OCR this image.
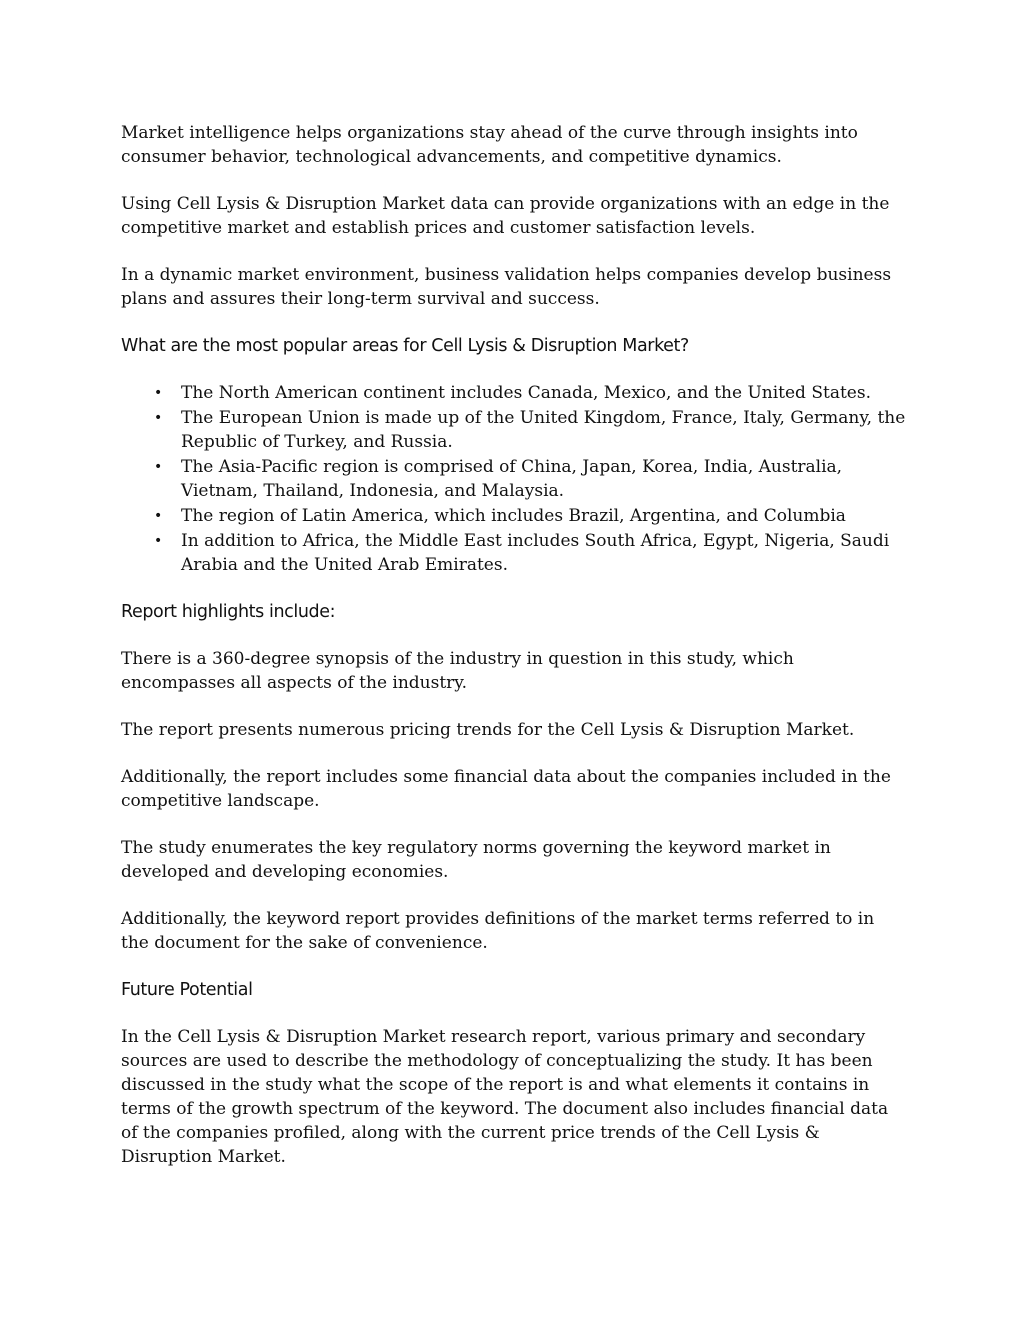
Market intelligence helps organizations stay ahead of the curve through insights into consumer behavior, technological advancements, and competitive dynamics.

Using Cell Lysis & Disruption Market data can provide organizations with an edge in the competitive market and establish prices and customer satisfaction levels.

In a dynamic market environment, business validation helps companies develop business plans and assures their long-term survival and success.

What are the most popular areas for Cell Lysis & Disruption Market?
• The North American continent includes Canada, Mexico, and the United States.
• The European Union is made up of the United Kingdom, France, Italy, Germany, the Republic of Turkey, and Russia.
• The Asia-Pacific region is comprised of China, Japan, Korea, India, Australia, Vietnam, Thailand, Indonesia, and Malaysia.
• The region of Latin America, which includes Brazil, Argentina, and Columbia
• In addition to Africa, the Middle East includes South Africa, Egypt, Nigeria, Saudi Arabia and the United Arab Emirates.
Report highlights include:

There is a 360-degree synopsis of the industry in question in this study, which encompasses all aspects of the industry.

The report presents numerous pricing trends for the Cell Lysis & Disruption Market.

Additionally, the report includes some financial data about the companies included in the competitive landscape.

The study enumerates the key regulatory norms governing the keyword market in developed and developing economies.

Additionally, the keyword report provides definitions of the market terms referred to in the document for the sake of convenience.

Future Potential

In the Cell Lysis & Disruption Market research report, various primary and secondary sources are used to describe the methodology of conceptualizing the study. It has been discussed in the study what the scope of the report is and what elements it contains in terms of the growth spectrum of the keyword. The document also includes financial data of the companies profiled, along with the current price trends of the Cell Lysis & Disruption Market.
